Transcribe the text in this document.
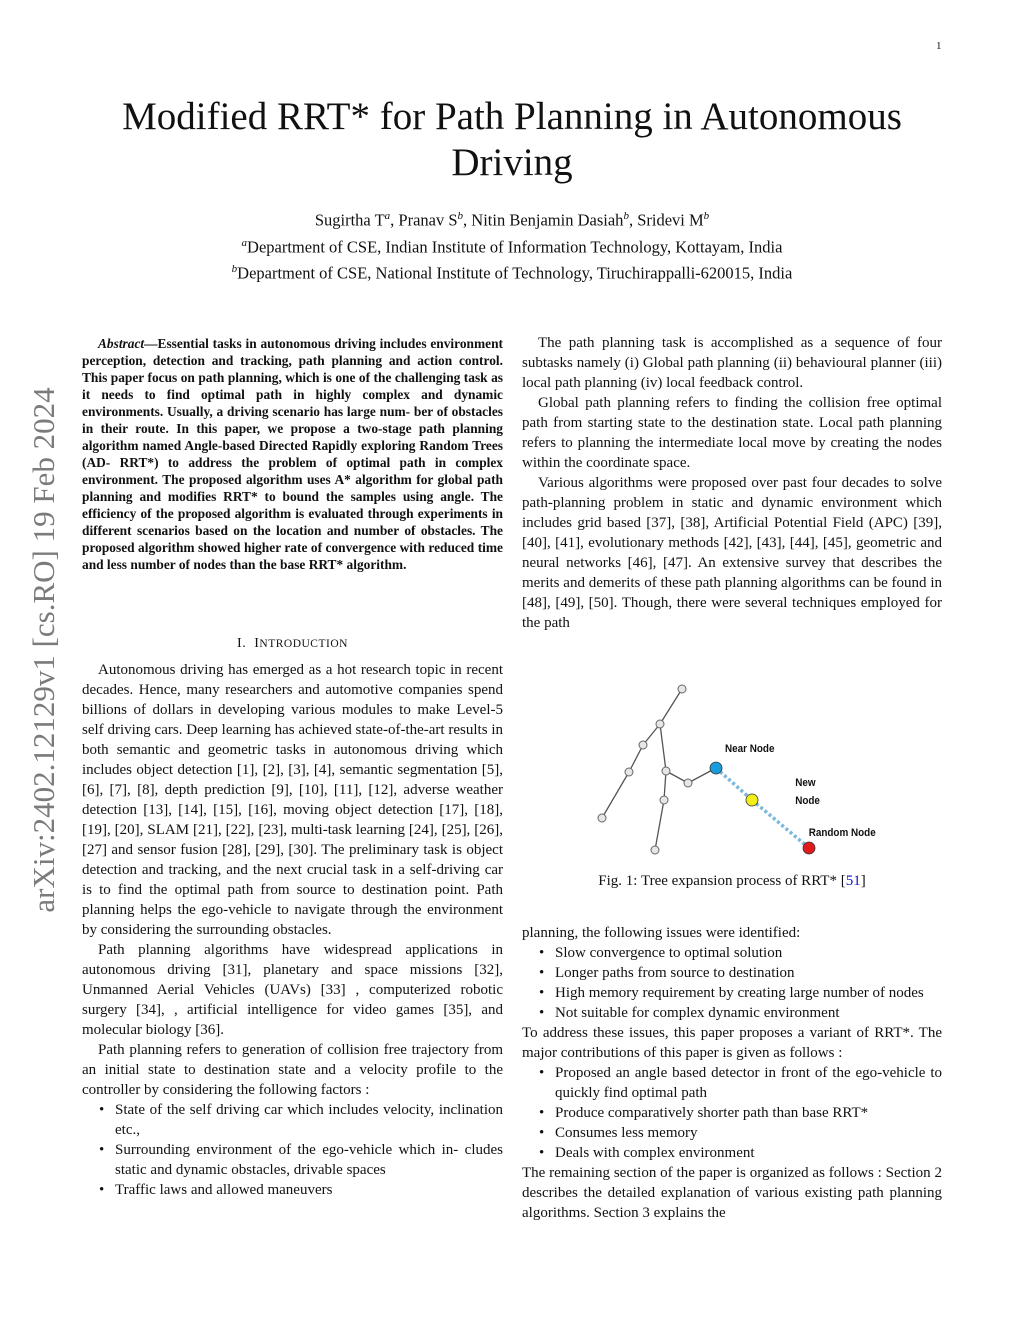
1
Modified RRT* for Path Planning in Autonomous Driving
Sugirtha $T^a$, Pranav $S^b$, Nitin Benjamin Dasiah$^b$, Sridevi $M^b$
$^a$Department of CSE, Indian Institute of Information Technology, Kottayam, India
$^b$Department of CSE, National Institute of Technology, Tiruchirappalli-620015, India
arXiv:2402.12129v1 [cs.RO] 19 Feb 2024

Abstract—Essential tasks in autonomous driving includes environment perception, detection and tracking, path planning and action control. This paper focus on path planning, which is one of the challenging task as it needs to find optimal path in highly complex and dynamic environments. Usually, a driving scenario has large num- ber of obstacles in their route. In this paper, we propose a two-stage path planning algorithm named Angle-based Directed Rapidly exploring Random Trees (AD- RRT*) to address the problem of optimal path in complex environment. The proposed algorithm uses A* algorithm for global path planning and modifies RRT* to bound the samples using angle. The efficiency of the proposed algorithm is evaluated through experiments in different scenarios based on the location and number of obstacles. The proposed algorithm showed higher rate of convergence with reduced time and less number of nodes than the base RRT* algorithm.

I. INTRODUCTION

Autonomous driving has emerged as a hot research topic in recent decades. Hence, many researchers and automotive companies spend billions of dollars in developing various modules to make Level-5 self driving cars. Deep learning has achieved state-of-the-art results in both semantic and geometric tasks in autonomous driving which includes object detection [1], [2], [3], [4], semantic segmentation [5], [6], [7], [8], depth prediction [9], [10], [11], [12], adverse weather detection [13], [14], [15], [16], moving object detection [17], [18], [19], [20], SLAM [21], [22], [23], multi-task learning [24], [25], [26], [27] and sensor fusion [28], [29], [30]. The preliminary task is object detection and tracking, and the next crucial task in a self-driving car is to find the optimal path from source to destination point. Path planning helps the ego-vehicle to navigate through the environment by considering the surrounding obstacles.

Path planning algorithms have widespread applications in autonomous driving [31], planetary and space missions [32], Unmanned Aerial Vehicles (UAVs) [33] , computerized robotic surgery [34], , artificial intelligence for video games [35], and molecular biology [36].

Path planning refers to generation of collision free trajectory from an initial state to destination state and a velocity profile to the controller by considering the following factors :

• State of the self driving car which includes velocity, inclination etc.,
• Surrounding environment of the ego-vehicle which in- cludes static and dynamic obstacles, drivable spaces
• Traffic laws and allowed maneuvers

The path planning task is accomplished as a sequence of four subtasks namely (i) Global path planning (ii) behavioural planner (iii) local path planning (iv) local feedback control.

Global path planning refers to finding the collision free optimal path from starting state to the destination state. Local path planning refers to planning the intermediate local move by creating the nodes within the coordinate space.

Various algorithms were proposed over past four decades to solve path-planning problem in static and dynamic environment which includes grid based [37], [38], Artificial Potential Field (APC) [39], [40], [41], evolutionary methods [42], [43], [44], [45], geometric and neural networks [46], [47]. An extensive survey that describes the merits and demerits of these path planning algorithms can be found in [48], [49], [50]. Though, there were several techniques employed for the path

Near Node
New
Node
Random Node
Fig. 1: Tree expansion process of RRT* [51]

planning, the following issues were identified:

• Slow convergence to optimal solution
• Longer paths from source to destination
• High memory requirement by creating large number of nodes
• Not suitable for complex dynamic environment

To address these issues, this paper proposes a variant of RRT*. The major contributions of this paper is given as follows :

• Proposed an angle based detector in front of the ego-vehicle to quickly find optimal path
• Produce comparatively shorter path than base RRT*
• Consumes less memory
• Deals with complex environment

The remaining section of the paper is organized as follows : Section 2 describes the detailed explanation of various existing path planning algorithms. Section 3 explains the
